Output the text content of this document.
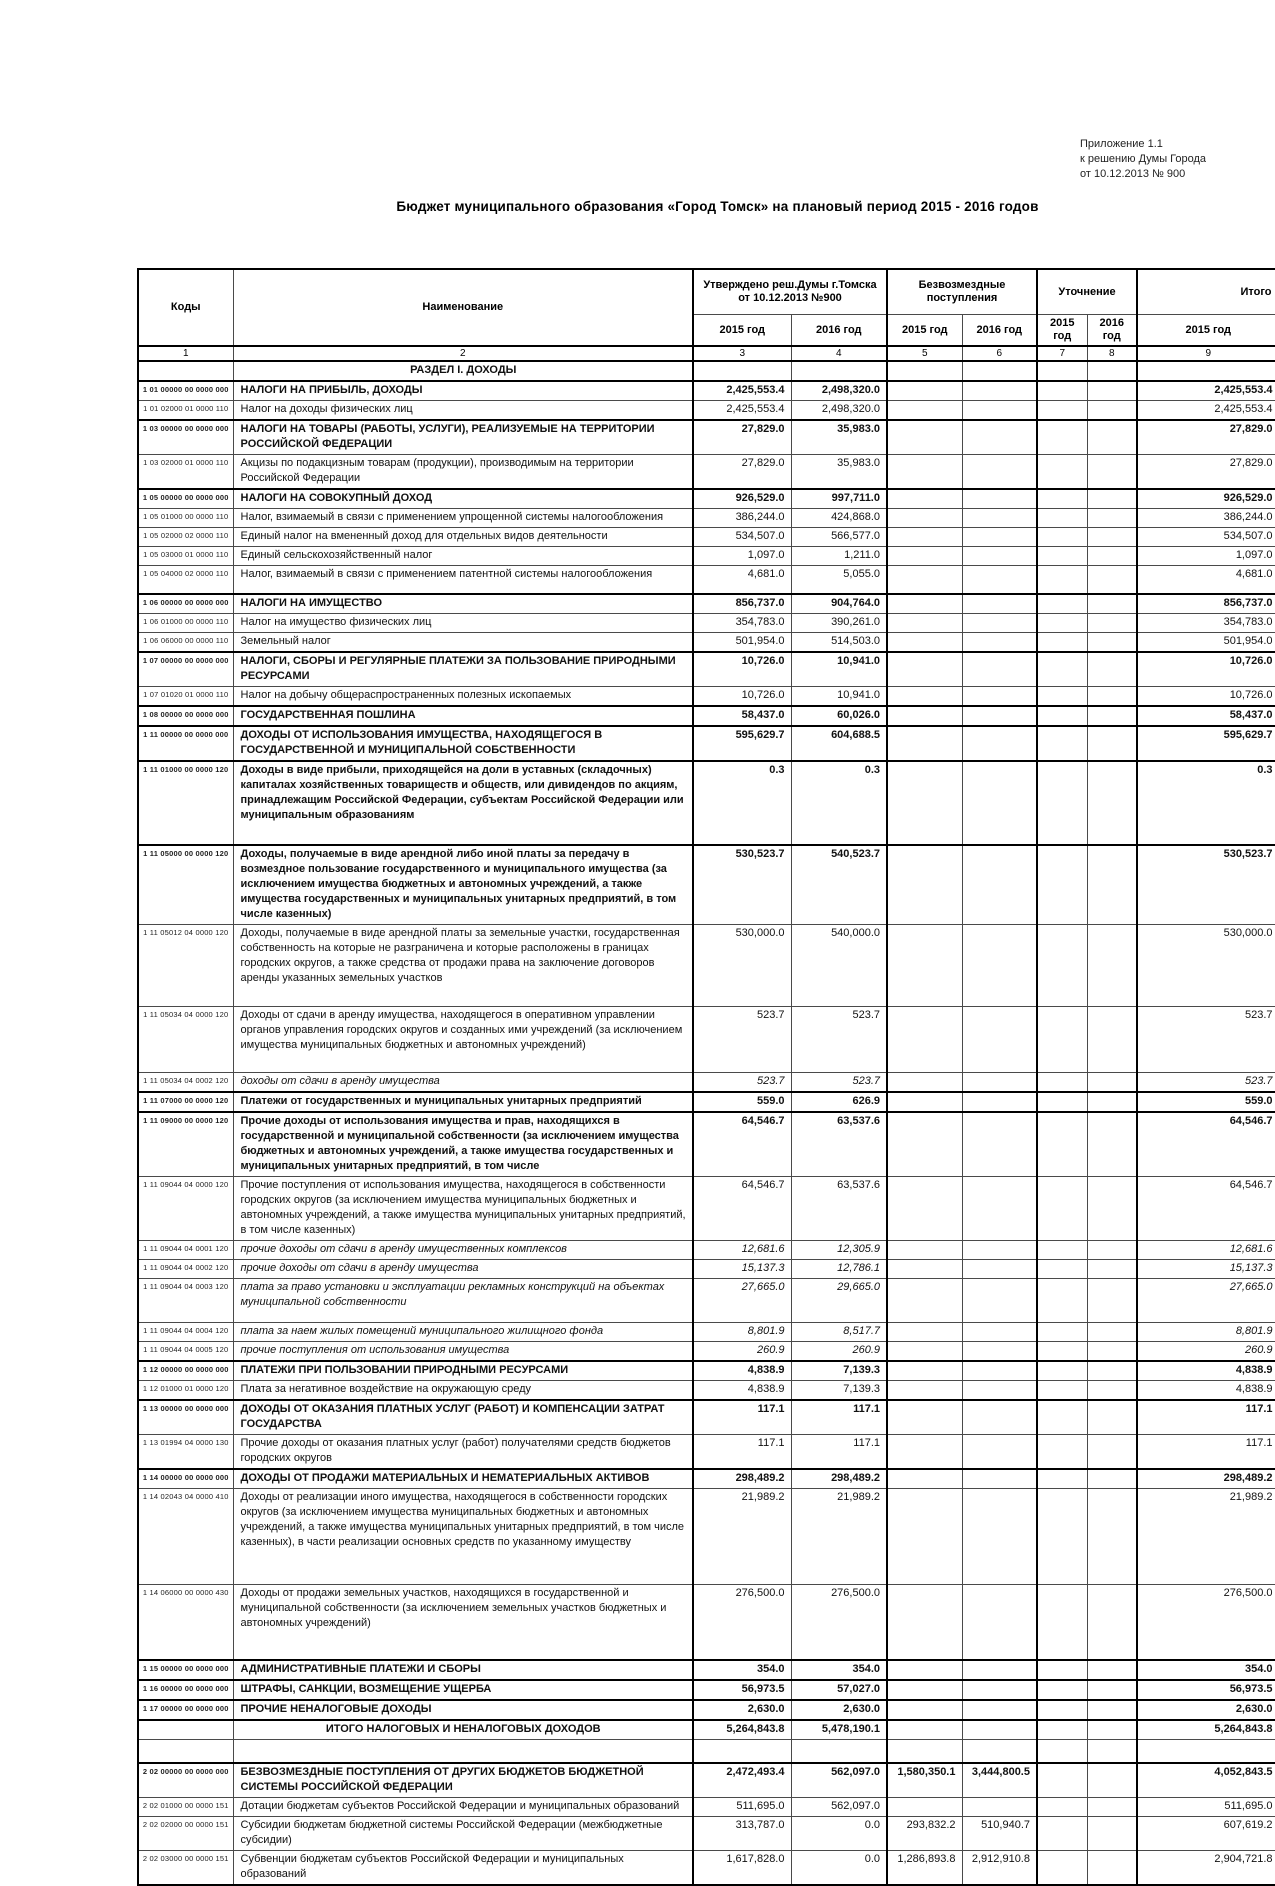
Приложение 1.1
к решению Думы Города
от 10.12.2013 № 900
Бюджет муниципального образования «Город Томск» на плановый период 2015 - 2016 годов
Коды	Наименование	Утверждено реш.Думы г.Томска от 10.12.2013 №900		Безвозмездные поступления		Уточнение		Итого	
		2015 год	2016 год	2015 год	2016 год	2015 год	2016 год	2015 год	
1	2	3	4	5	6	7	8	9	
	РАЗДЕЛ I. ДОХОДЫ								
1 01 00000 00 0000 000	НАЛОГИ НА ПРИБЫЛЬ, ДОХОДЫ	2,425,553.4	2,498,320.0					2,425,553.4	
1 01 02000 01 0000 110	Налог на доходы физических лиц	2,425,553.4	2,498,320.0					2,425,553.4	
1 03 00000 00 0000 000	НАЛОГИ НА ТОВАРЫ (РАБОТЫ, УСЛУГИ), РЕАЛИЗУЕМЫЕ НА ТЕРРИТОРИИ РОССИЙСКОЙ ФЕДЕРАЦИИ	27,829.0	35,983.0					27,829.0	
1 03 02000 01 0000 110	Акцизы по подакцизным товарам (продукции), производимым на территории Российской Федерации	27,829.0	35,983.0					27,829.0	
1 05 00000 00 0000 000	НАЛОГИ НА СОВОКУПНЫЙ ДОХОД	926,529.0	997,711.0					926,529.0	
1 05 01000 00 0000 110	Налог, взимаемый в связи с применением упрощенной системы налогообложения	386,244.0	424,868.0					386,244.0	
1 05 02000 02 0000 110	Единый налог на вмененный доход для отдельных видов деятельности	534,507.0	566,577.0					534,507.0	
1 05 03000 01 0000 110	Единый сельскохозяйственный налог	1,097.0	1,211.0					1,097.0	
1 05 04000 02 0000 110	Налог, взимаемый в связи с применением патентной системы налогообложения	4,681.0	5,055.0					4,681.0	
1 06 00000 00 0000 000	НАЛОГИ НА ИМУЩЕСТВО	856,737.0	904,764.0					856,737.0	
1 06 01000 00 0000 110	Налог на имущество физических лиц	354,783.0	390,261.0					354,783.0	
1 06 06000 00 0000 110	Земельный налог	501,954.0	514,503.0					501,954.0	
1 07 00000 00 0000 000	НАЛОГИ, СБОРЫ И РЕГУЛЯРНЫЕ ПЛАТЕЖИ ЗА ПОЛЬЗОВАНИЕ ПРИРОДНЫМИ РЕСУРСАМИ	10,726.0	10,941.0					10,726.0	
1 07 01020 01 0000 110	Налог на добычу общераспространенных полезных ископаемых	10,726.0	10,941.0					10,726.0	
1 08 00000 00 0000 000	ГОСУДАРСТВЕННАЯ ПОШЛИНА	58,437.0	60,026.0					58,437.0	
1 11 00000 00 0000 000	ДОХОДЫ ОТ ИСПОЛЬЗОВАНИЯ ИМУЩЕСТВА, НАХОДЯЩЕГОСЯ В ГОСУДАРСТВЕННОЙ И МУНИЦИПАЛЬНОЙ СОБСТВЕННОСТИ	595,629.7	604,688.5					595,629.7	
1 11 01000 00 0000 120	Доходы в виде прибыли, приходящейся на доли в уставных (складочных) капиталах хозяйственных товариществ и обществ, или дивидендов по акциям, принадлежащим Российской Федерации, субъектам Российской Федерации или муниципальным образованиям	0.3	0.3					0.3	
1 11 05000 00 0000 120	Доходы, получаемые в виде арендной либо иной платы за передачу в возмездное пользование государственного и муниципального имущества (за исключением имущества бюджетных и автономных учреждений, а также имущества государственных и муниципальных унитарных предприятий, в том числе казенных)	530,523.7	540,523.7					530,523.7	
1 11 05012 04 0000 120	Доходы, получаемые в виде арендной платы за земельные участки, государственная собственность на которые не разграничена и которые расположены в границах городских округов, а также средства от продажи права на заключение договоров аренды указанных земельных участков	530,000.0	540,000.0					530,000.0	
1 11 05034 04 0000 120	Доходы от сдачи в аренду имущества, находящегося в оперативном управлении органов управления городских округов и созданных ими учреждений (за исключением имущества муниципальных бюджетных и автономных учреждений)	523.7	523.7					523.7	
1 11 05034 04 0002 120	доходы от сдачи в аренду имущества	523.7	523.7					523.7	
1 11 07000 00 0000 120	Платежи от государственных и муниципальных унитарных предприятий	559.0	626.9					559.0	
1 11 09000 00 0000 120	Прочие доходы от использования имущества и прав, находящихся в государственной и муниципальной собственности (за исключением имущества бюджетных и автономных учреждений, а также имущества государственных и муниципальных унитарных предприятий, в том числе	64,546.7	63,537.6					64,546.7	
1 11 09044 04 0000 120	Прочие поступления от использования имущества, находящегося в собственности городских округов (за исключением имущества муниципальных бюджетных и автономных учреждений, а также имущества муниципальных унитарных предприятий, в том числе казенных)	64,546.7	63,537.6					64,546.7	
1 11 09044 04 0001 120	прочие доходы от сдачи в аренду имущественных комплексов	12,681.6	12,305.9					12,681.6	
1 11 09044 04 0002 120	прочие доходы от сдачи в аренду имущества	15,137.3	12,786.1					15,137.3	
1 11 09044 04 0003 120	плата за право установки и эксплуатации рекламных конструкций на объектах муниципальной собственности	27,665.0	29,665.0					27,665.0	
1 11 09044 04 0004 120	плата за наем жилых помещений муниципального жилищного фонда	8,801.9	8,517.7					8,801.9	
1 11 09044 04 0005 120	прочие поступления от использования имущества	260.9	260.9					260.9	
1 12 00000 00 0000 000	ПЛАТЕЖИ ПРИ ПОЛЬЗОВАНИИ ПРИРОДНЫМИ РЕСУРСАМИ	4,838.9	7,139.3					4,838.9	
1 12 01000 01 0000 120	Плата за негативное воздействие на окружающую среду	4,838.9	7,139.3					4,838.9	
1 13 00000 00 0000 000	ДОХОДЫ ОТ ОКАЗАНИЯ ПЛАТНЫХ УСЛУГ (РАБОТ) И КОМПЕНСАЦИИ ЗАТРАТ ГОСУДАРСТВА	117.1	117.1					117.1	
1 13 01994 04 0000 130	Прочие доходы от оказания платных услуг (работ) получателями средств бюджетов городских округов	117.1	117.1					117.1	
1 14 00000 00 0000 000	ДОХОДЫ ОТ ПРОДАЖИ МАТЕРИАЛЬНЫХ И НЕМАТЕРИАЛЬНЫХ АКТИВОВ	298,489.2	298,489.2					298,489.2	
1 14 02043 04 0000 410	Доходы от реализации иного имущества, находящегося в собственности городских округов (за исключением имущества муниципальных бюджетных и автономных учреждений, а также имущества муниципальных унитарных предприятий, в том числе казенных), в части реализации основных средств по указанному имуществу	21,989.2	21,989.2					21,989.2	
1 14 06000 00 0000 430	Доходы от продажи земельных участков, находящихся в государственной и муниципальной собственности (за исключением земельных участков бюджетных и автономных учреждений)	276,500.0	276,500.0					276,500.0	
1 15 00000 00 0000 000	АДМИНИСТРАТИВНЫЕ ПЛАТЕЖИ И СБОРЫ	354.0	354.0					354.0	
1 16 00000 00 0000 000	ШТРАФЫ, САНКЦИИ, ВОЗМЕЩЕНИЕ УЩЕРБА	56,973.5	57,027.0					56,973.5	
1 17 00000 00 0000 000	ПРОЧИЕ НЕНАЛОГОВЫЕ ДОХОДЫ	2,630.0	2,630.0					2,630.0	
	ИТОГО НАЛОГОВЫХ И НЕНАЛОГОВЫХ ДОХОДОВ	5,264,843.8	5,478,190.1					5,264,843.8	

2 02 00000 00 0000 000	БЕЗВОЗМЕЗДНЫЕ ПОСТУПЛЕНИЯ ОТ ДРУГИХ БЮДЖЕТОВ БЮДЖЕТНОЙ СИСТЕМЫ РОССИЙСКОЙ ФЕДЕРАЦИИ	2,472,493.4	562,097.0	1,580,350.1	3,444,800.5			4,052,843.5	
2 02 01000 00 0000 151	Дотации бюджетам субъектов Российской Федерации и муниципальных образований	511,695.0	562,097.0					511,695.0	
2 02 02000 00 0000 151	Субсидии бюджетам бюджетной системы Российской Федерации (межбюджетные субсидии)	313,787.0	0.0	293,832.2	510,940.7			607,619.2	
2 02 03000 00 0000 151	Субвенции бюджетам субъектов Российской Федерации и муниципальных образований	1,617,828.0	0.0	1,286,893.8	2,912,910.8			2,904,721.8	
